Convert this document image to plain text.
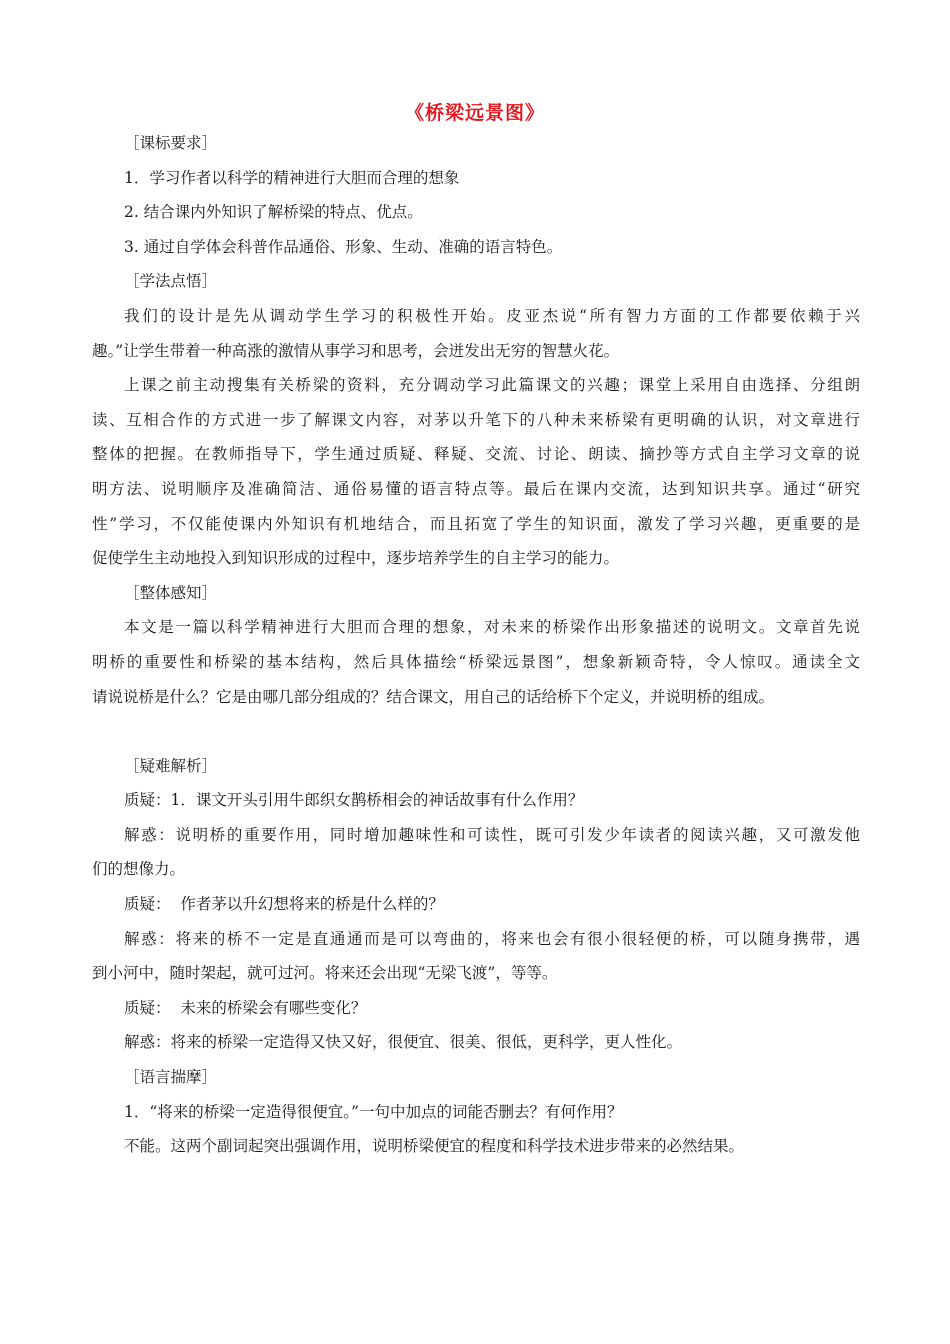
《桥梁远景图》
［课标要求］
1．学习作者以科学的精神进行大胆而合理的想象
2. 结合课内外知识了解桥梁的特点、优点。
3. 通过自学体会科普作品通俗、形象、生动、准确的语言特色。
［学法点悟］
我们的设计是先从调动学生学习的积极性开始。皮亚杰说“所有智力方面的工作都要依赖于兴
趣。”让学生带着一种高涨的激情从事学习和思考，会迸发出无穷的智慧火花。
上课之前主动搜集有关桥梁的资料，充分调动学习此篇课文的兴趣；课堂上采用自由选择、分组朗
读、互相合作的方式进一步了解课文内容，对茅以升笔下的八种未来桥梁有更明确的认识，对文章进行
整体的把握。在教师指导下，学生通过质疑、释疑、交流、讨论、朗读、摘抄等方式自主学习文章的说
明方法、说明顺序及准确简洁、通俗易懂的语言特点等。最后在课内交流，达到知识共享。通过“研究
性”学习，不仅能使课内外知识有机地结合，而且拓宽了学生的知识面，激发了学习兴趣，更重要的是
促使学生主动地投入到知识形成的过程中，逐步培养学生的自主学习的能力。
［整体感知］
本文是一篇以科学精神进行大胆而合理的想象，对未来的桥梁作出形象描述的说明文。文章首先说
明桥的重要性和桥梁的基本结构，然后具体描绘“桥梁远景图”，想象新颖奇特，令人惊叹。通读全文
请说说桥是什么？它是由哪几部分组成的？结合课文，用自己的话给桥下个定义，并说明桥的组成。
［疑难解析］
质疑：1．课文开头引用牛郎织女鹊桥相会的神话故事有什么作用？
解惑：说明桥的重要作用，同时增加趣味性和可读性，既可引发少年读者的阅读兴趣，又可激发他
们的想像力。
质疑：  作者茅以升幻想将来的桥是什么样的？
解惑：将来的桥不一定是直通通而是可以弯曲的，将来也会有很小很轻便的桥，可以随身携带，遇
到小河中，随时架起，就可过河。将来还会出现“无梁飞渡”，等等。
质疑：  未来的桥梁会有哪些变化？
解惑：将来的桥梁一定造得又快又好，很便宜、很美、很低，更科学，更人性化。
［语言揣摩］
1．“将来的桥梁一定造得很便宜。”一句中加点的词能否删去？有何作用？
不能。这两个副词起突出强调作用，说明桥梁便宜的程度和科学技术进步带来的必然结果。
